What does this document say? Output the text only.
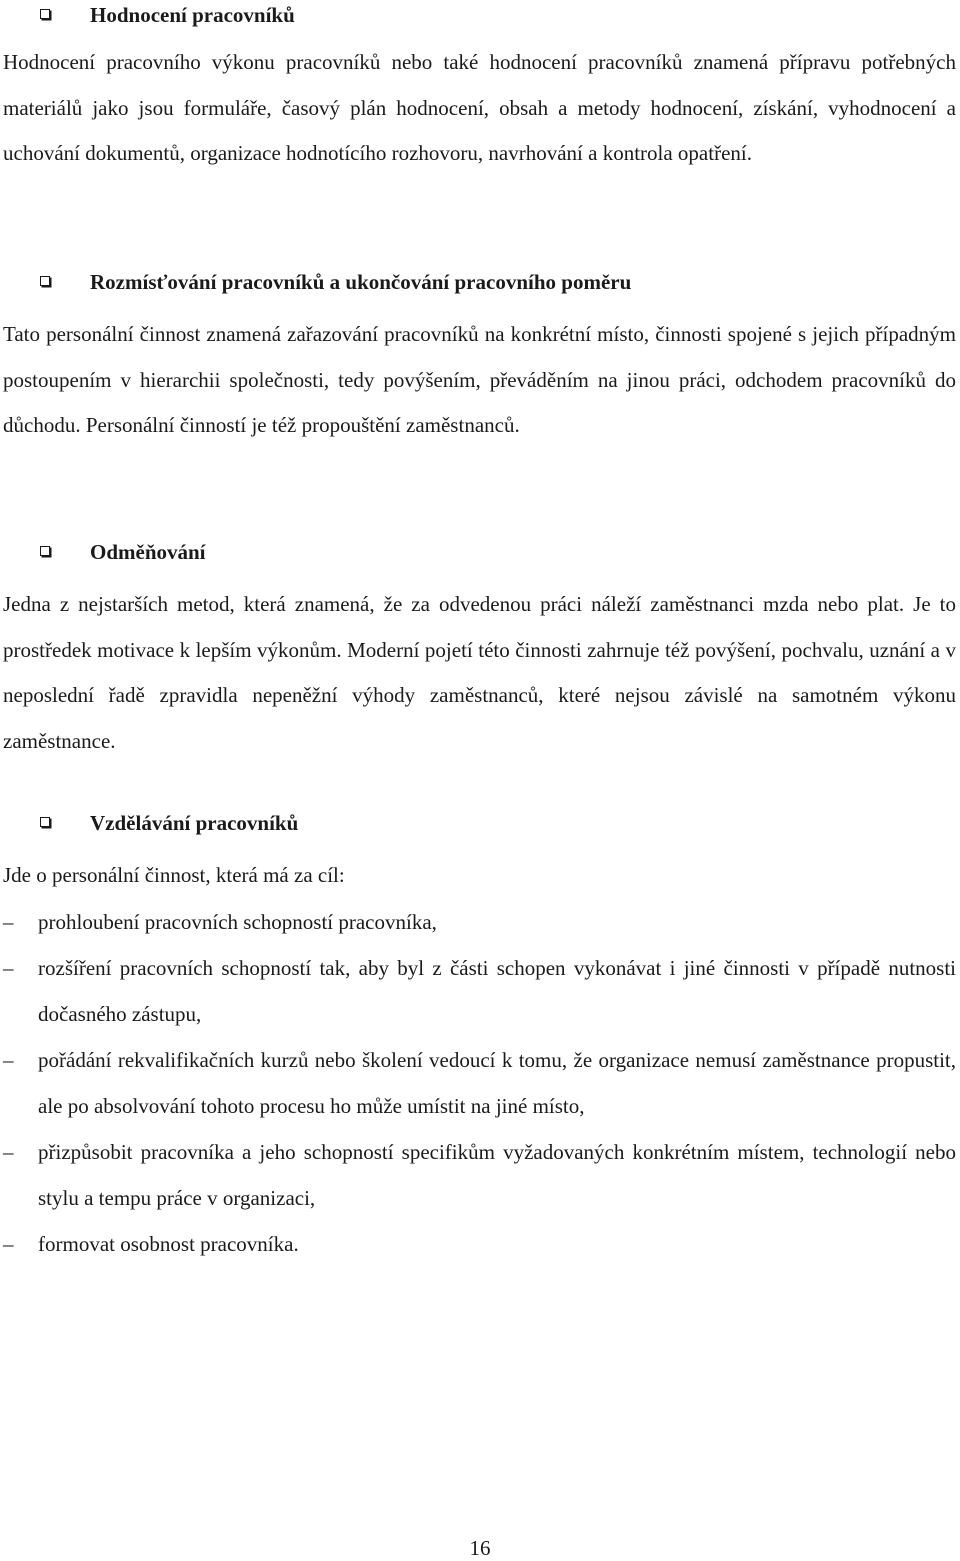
Hodnocení pracovníků

Hodnocení pracovního výkonu pracovníků nebo také hodnocení pracovníků znamená přípravu potřebných materiálů jako jsou formuláře, časový plán hodnocení, obsah a metody hodnocení, získání, vyhodnocení a uchování dokumentů, organizace hodnotícího rozhovoru, navrhování a kontrola opatření.

Rozmísťování pracovníků a ukončování pracovního poměru

Tato personální činnost znamená zařazování pracovníků na konkrétní místo, činnosti spojené s jejich případným postoupením v hierarchii společnosti, tedy povýšením, převáděním na jinou práci, odchodem pracovníků do důchodu. Personální činností je též propouštění zaměstnanců.

Odměňování

Jedna z nejstarších metod, která znamená, že za odvedenou práci náleží zaměstnanci mzda nebo plat. Je to prostředek motivace k lepším výkonům. Moderní pojetí této činnosti zahrnuje též povýšení, pochvalu, uznání a v neposlední řadě zpravidla nepeněžní výhody zaměstnanců, které nejsou závislé na samotném výkonu zaměstnance.

Vzdělávání pracovníků

Jde o personální činnost, která má za cíl:

–	prohloubení pracovních schopností pracovníka,
–	rozšíření pracovních schopností tak, aby byl z části schopen vykonávat i jiné činnosti v případě nutnosti dočasného zástupu,
–	pořádání rekvalifikačních kurzů nebo školení vedoucí k tomu, že organizace nemusí zaměstnance propustit, ale po absolvování tohoto procesu ho může umístit na jiné místo,
–	přizpůsobit pracovníka a jeho schopností specifikům vyžadovaných konkrétním místem, technologií nebo stylu a tempu práce v organizaci,
–	formovat osobnost pracovníka.
16
